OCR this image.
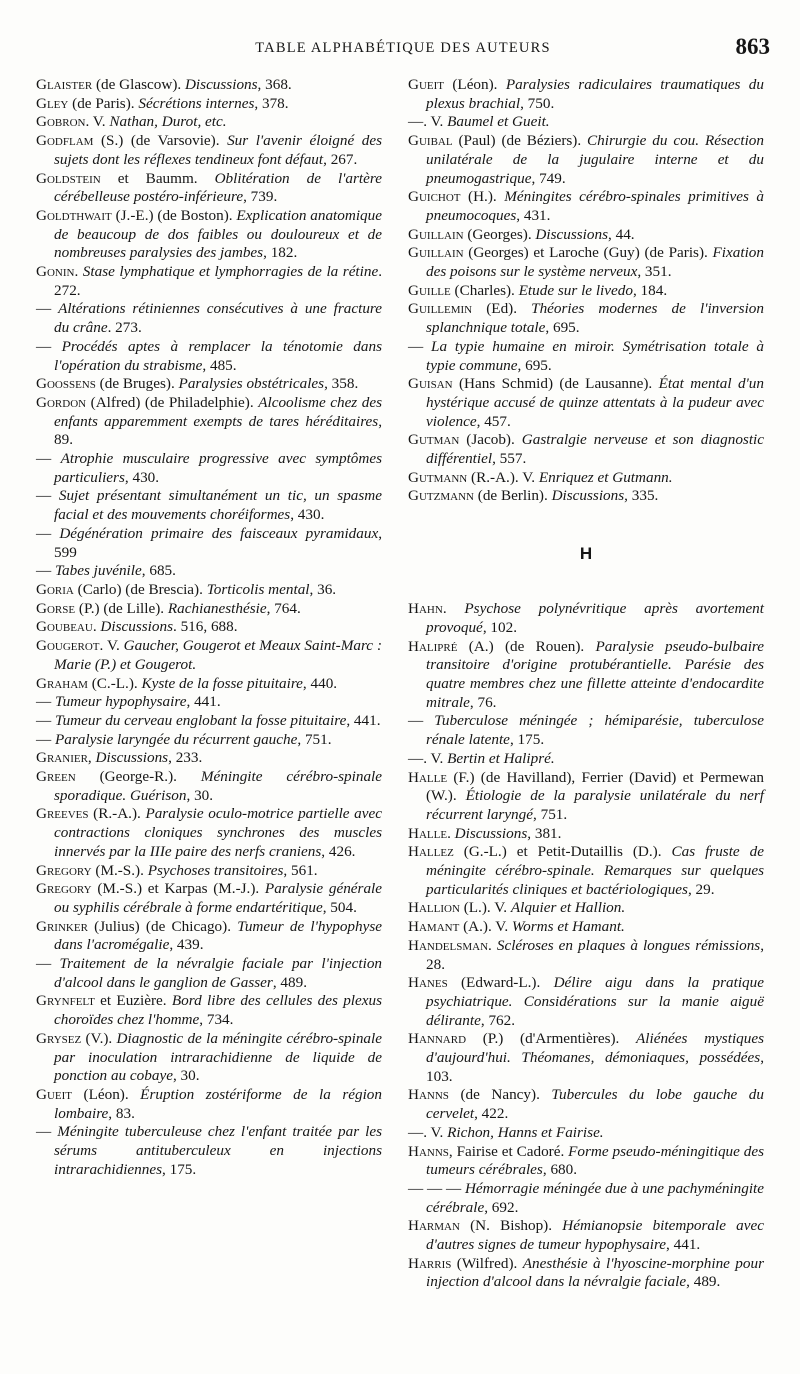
TABLE ALPHABÉTIQUE DES AUTEURS	863

Glaister (de Glascow). Discussions, 368.

Gley (de Paris). Sécrétions internes, 378.

Gobron. V. Nathan, Durot, etc.

Godflam (S.) (de Varsovie). Sur l'avenir éloigné des sujets dont les réflexes tendineux font défaut, 267.

Goldstein et Baumm. Oblitération de l'artère cérébelleuse postéro-inférieure, 739.

Goldthwait (J.-E.) (de Boston). Explication anatomique de beaucoup de dos faibles ou douloureux et de nombreuses paralysies des jambes, 182.

Gonin. Stase lymphatique et lymphorragies de la rétine. 272.

— Altérations rétiniennes consécutives à une fracture du crâne. 273.

— Procédés aptes à remplacer la ténotomie dans l'opération du strabisme, 485.

Goossens (de Bruges). Paralysies obstétricales, 358.

Gordon (Alfred) (de Philadelphie). Alcoolisme chez des enfants apparemment exempts de tares héréditaires, 89.

— Atrophie musculaire progressive avec symptômes particuliers, 430.

— Sujet présentant simultanément un tic, un spasme facial et des mouvements choréiformes, 430.

— Dégénération primaire des faisceaux pyramidaux, 599

— Tabes juvénile, 685.

Goria (Carlo) (de Brescia). Torticolis mental, 36.

Gorse (P.) (de Lille). Rachianesthésie, 764.

Goubeau. Discussions. 516, 688.

Gougerot. V. Gaucher, Gougerot et Meaux Saint-Marc : Marie (P.) et Gougerot.

Graham (C.-L.). Kyste de la fosse pituitaire, 440.

— Tumeur hypophysaire, 441.

— Tumeur du cerveau englobant la fosse pituitaire, 441.

— Paralysie laryngée du récurrent gauche, 751.

Granier, Discussions, 233.

Green (George-R.). Méningite cérébro-spinale sporadique. Guérison, 30.

Greeves (R.-A.). Paralysie oculo-motrice partielle avec contractions cloniques synchrones des muscles innervés par la IIIe paire des nerfs craniens, 426.

Gregory (M.-S.). Psychoses transitoires, 561.

Gregory (M.-S.) et Karpas (M.-J.). Paralysie générale ou syphilis cérébrale à forme endartéritique, 504.

Grinker (Julius) (de Chicago). Tumeur de l'hypophyse dans l'acromégalie, 439.

— Traitement de la névralgie faciale par l'injection d'alcool dans le ganglion de Gasser, 489.

Grynfelt et Euzière. Bord libre des cellules des plexus choroïdes chez l'homme, 734.

Grysez (V.). Diagnostic de la méningite cérébro-spinale par inoculation intrarachidienne de liquide de ponction au cobaye, 30.

Gueit (Léon). Éruption zostériforme de la région lombaire, 83.

— Méningite tuberculeuse chez l'enfant traitée par les sérums antituberculeux en injections intrarachidiennes, 175.

Gueit (Léon). Paralysies radiculaires traumatiques du plexus brachial, 750.

—. V. Baumel et Gueit.

Guibal (Paul) (de Béziers). Chirurgie du cou. Résection unilatérale de la jugulaire interne et du pneumogastrique, 749.

Guichot (H.). Méningites cérébro-spinales primitives à pneumocoques, 431.

Guillain (Georges). Discussions, 44.

Guillain (Georges) et Laroche (Guy) (de Paris). Fixation des poisons sur le système nerveux, 351.

Guille (Charles). Etude sur le livedo, 184.

Guillemin (Ed). Théories modernes de l'inversion splanchnique totale, 695.

— La typie humaine en miroir. Symétrisation totale à typie commune, 695.

Guisan (Hans Schmid) (de Lausanne). État mental d'un hystérique accusé de quinze attentats à la pudeur avec violence, 457.

Gutman (Jacob). Gastralgie nerveuse et son diagnostic différentiel, 557.

Gutmann (R.-A.). V. Enriquez et Gutmann.

Gutzmann (de Berlin). Discussions, 335.

H

Hahn. Psychose polynévritique après avortement provoqué, 102.

Halipré (A.) (de Rouen). Paralysie pseudo-bulbaire transitoire d'origine protubérantielle. Parésie des quatre membres chez une fillette atteinte d'endocardite mitrale, 76.

— Tuberculose méningée ; hémiparésie, tuberculose rénale latente, 175.

—. V. Bertin et Halipré.

Halle (F.) (de Havilland), Ferrier (David) et Permewan (W.). Étiologie de la paralysie unilatérale du nerf récurrent laryngé, 751.

Halle. Discussions, 381.

Hallez (G.-L.) et Petit-Dutaillis (D.). Cas fruste de méningite cérébro-spinale. Remarques sur quelques particularités cliniques et bactériologiques, 29.

Hallion (L.). V. Alquier et Hallion.

Hamant (A.). V. Worms et Hamant.

Handelsman. Scléroses en plaques à longues rémissions, 28.

Hanes (Edward-L.). Délire aigu dans la pratique psychiatrique. Considérations sur la manie aiguë délirante, 762.

Hannard (P.) (d'Armentières). Aliénées mystiques d'aujourd'hui. Théomanes, démoniaques, possédées, 103.

Hanns (de Nancy). Tubercules du lobe gauche du cervelet, 422.

—. V. Richon, Hanns et Fairise.

Hanns, Fairise et Cadoré. Forme pseudo-méningitique des tumeurs cérébrales, 680.

— — — Hémorragie méningée due à une pachyméningite cérébrale, 692.

Harman (N. Bishop). Hémianopsie bitemporale avec d'autres signes de tumeur hypophysaire, 441.

Harris (Wilfred). Anesthésie à l'hyoscine-morphine pour injection d'alcool dans la névralgie faciale, 489.
